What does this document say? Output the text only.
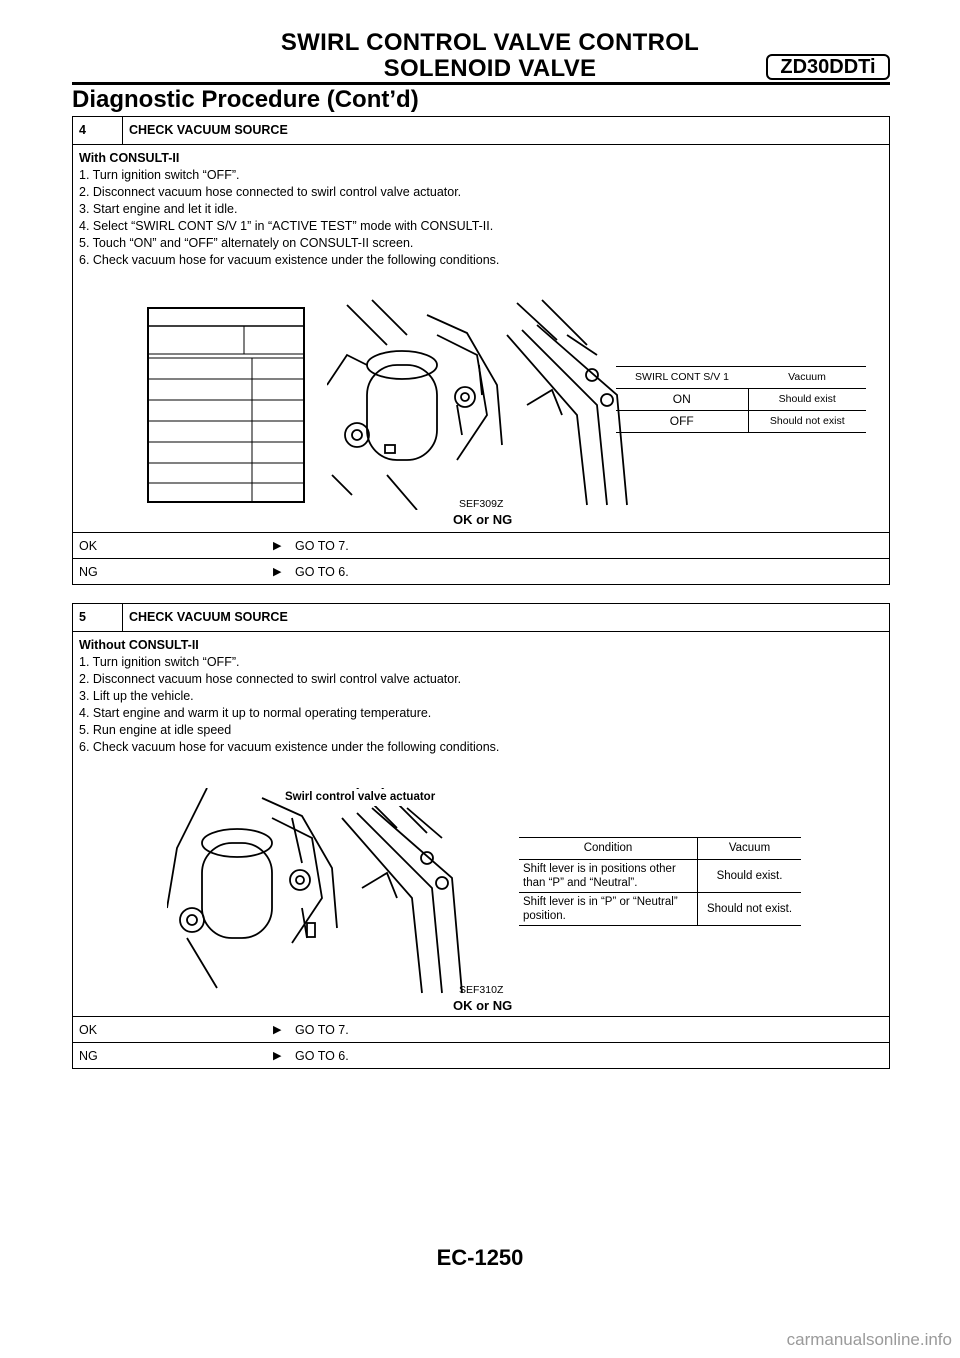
SWIRL CONTROL VALVE CONTROL
SOLENOID VALVE	ZD30DDTi
Diagnostic Procedure (Cont’d)
4	CHECK VACUUM SOURCE
With CONSULT-II
1. Turn ignition switch “OFF”.
2. Disconnect vacuum hose connected to swirl control valve actuator.
3. Start engine and let it idle.
4. Select “SWIRL CONT S/V 1” in “ACTIVE TEST” mode with CONSULT-II.
5. Touch “ON” and “OFF” alternately on CONSULT-II screen.
6. Check vacuum hose for vacuum existence under the following conditions.
SWIRL CONT S/V 1	Vacuum
ON	Should exist
OFF	Should not exist
SEF309Z
OK or NG
OK	▶	GO TO 7.
NG	▶	GO TO 6.
5	CHECK VACUUM SOURCE
Without CONSULT-II
1. Turn ignition switch “OFF”.
2. Disconnect vacuum hose connected to swirl control valve actuator.
3. Lift up the vehicle.
4. Start engine and warm it up to normal operating temperature.
5. Run engine at idle speed
6. Check vacuum hose for vacuum existence under the following conditions.
Swirl control valve actuator
Condition	Vacuum
Shift lever is in positions other than “P” and “Neutral”.	Should exist.
Shift lever is in “P” or “Neutral” position.	Should not exist.
SEF310Z
OK or NG
OK	▶	GO TO 7.
NG	▶	GO TO 6.
EC-1250
carmanualsonline.info
